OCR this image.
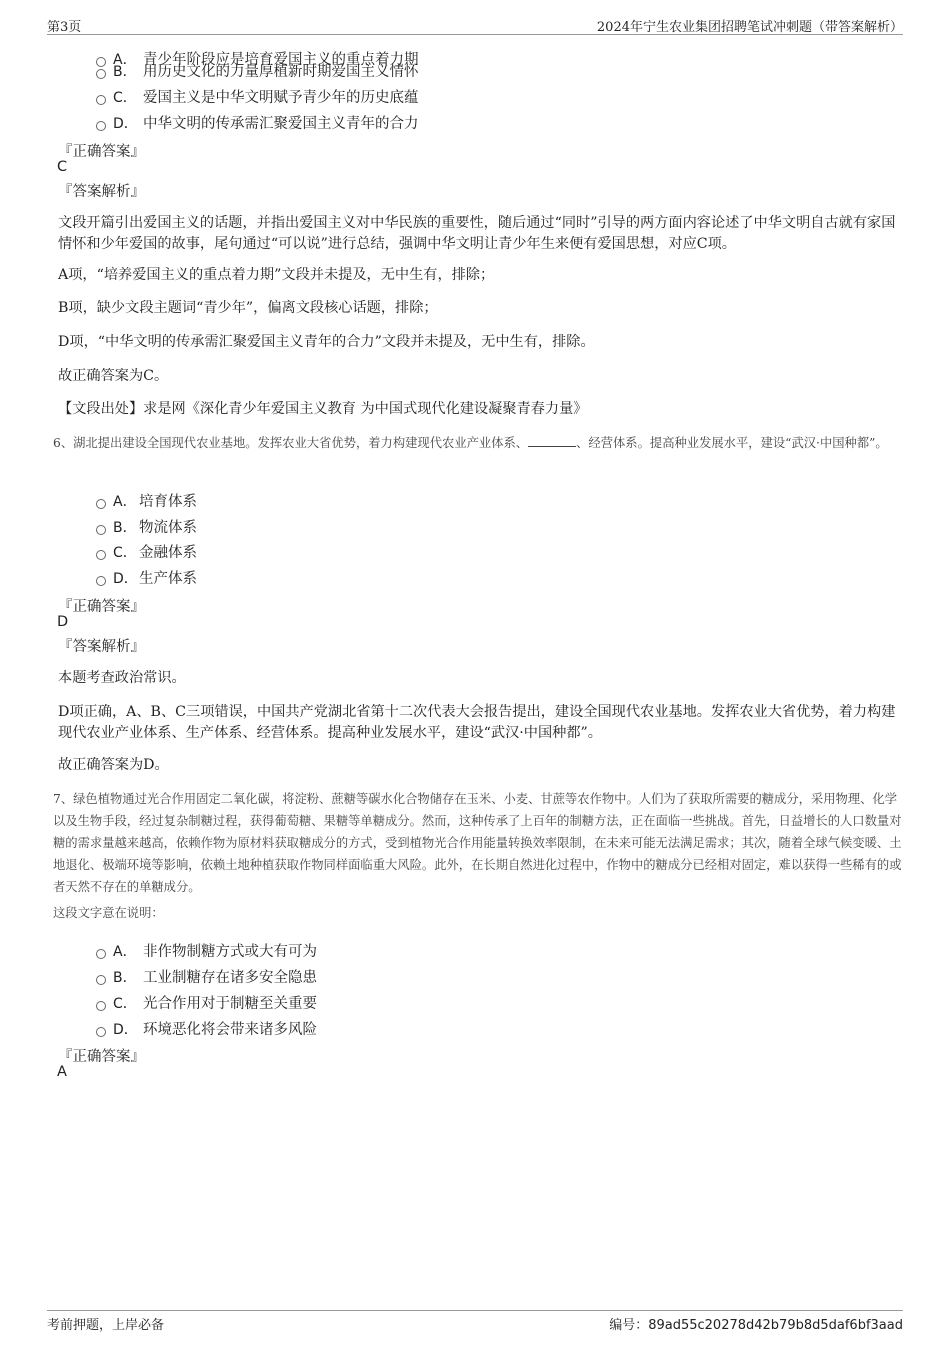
第3页	2024年宁生农业集团招聘笔试冲刺题（带答案解析）
A． 青少年阶段应是培育爱国主义的重点着力期
B． 用历史文化的力量厚植新时期爱国主义情怀
C． 爱国主义是中华文明赋予青少年的历史底蕴
D． 中华文明的传承需汇聚爱国主义青年的合力
『正确答案』
C
『答案解析』
文段开篇引出爱国主义的话题，并指出爱国主义对中华民族的重要性，随后通过“同时”引导的两方面内容论述了中华文明自古就有家国情怀和少年爱国的故事，尾句通过“可以说”进行总结，强调中华文明让青少年生来便有爱国思想，对应C项。
A项，“培养爱国主义的重点着力期”文段并未提及，无中生有，排除；
B项，缺少文段主题词“青少年”，偏离文段核心话题，排除；
D项，“中华文明的传承需汇聚爱国主义青年的合力”文段并未提及，无中生有，排除。
故正确答案为C。
【文段出处】求是网《深化青少年爱国主义教育 为中国式现代化建设凝聚青春力量》
6、湖北提出建设全国现代农业基地。发挥农业大省优势，着力构建现代农业产业体系、	、经营体系。提高种业发展水平，建设“武汉·中国种都”。
A． 培育体系
B． 物流体系
C． 金融体系
D．生产体系
『正确答案』
D
『答案解析』
本题考查政治常识。
D项正确，A、B、C三项错误，中国共产党湖北省第十二次代表大会报告提出，建设全国现代农业基地。发挥农业大省优势，着力构建现代农业产业体系、生产体系、经营体系。提高种业发展水平，建设“武汉·中国种都”。
故正确答案为D。
7、绿色植物通过光合作用固定二氧化碳，将淀粉、蔗糖等碳水化合物储存在玉米、小麦、甘蔗等农作物中。人们为了获取所需要的糖成分，采用物理、化学以及生物手段，经过复杂制糖过程，获得葡萄糖、果糖等单糖成分。然而，这种传承了上百年的制糖方法，正在面临一些挑战。首先，日益增长的人口数量对糖的需求量越来越高，依赖作物为原材料获取糖成分的方式，受到植物光合作用能量转换效率限制，在未来可能无法满足需求；其次，随着全球气候变暖、土地退化、极端环境等影响，依赖土地种植获取作物同样面临重大风险。此外，在长期自然进化过程中，作物中的糖成分已经相对固定，难以获得一些稀有的或者天然不存在的单糖成分。
这段文字意在说明：
A． 非作物制糖方式或大有可为
B． 工业制糖存在诸多安全隐患
C． 光合作用对于制糖至关重要
D． 环境恶化将会带来诸多风险
『正确答案』
A
考前押题，上岸必备	编号：89ad55c20278d42b79b8d5daf6bf3aad
